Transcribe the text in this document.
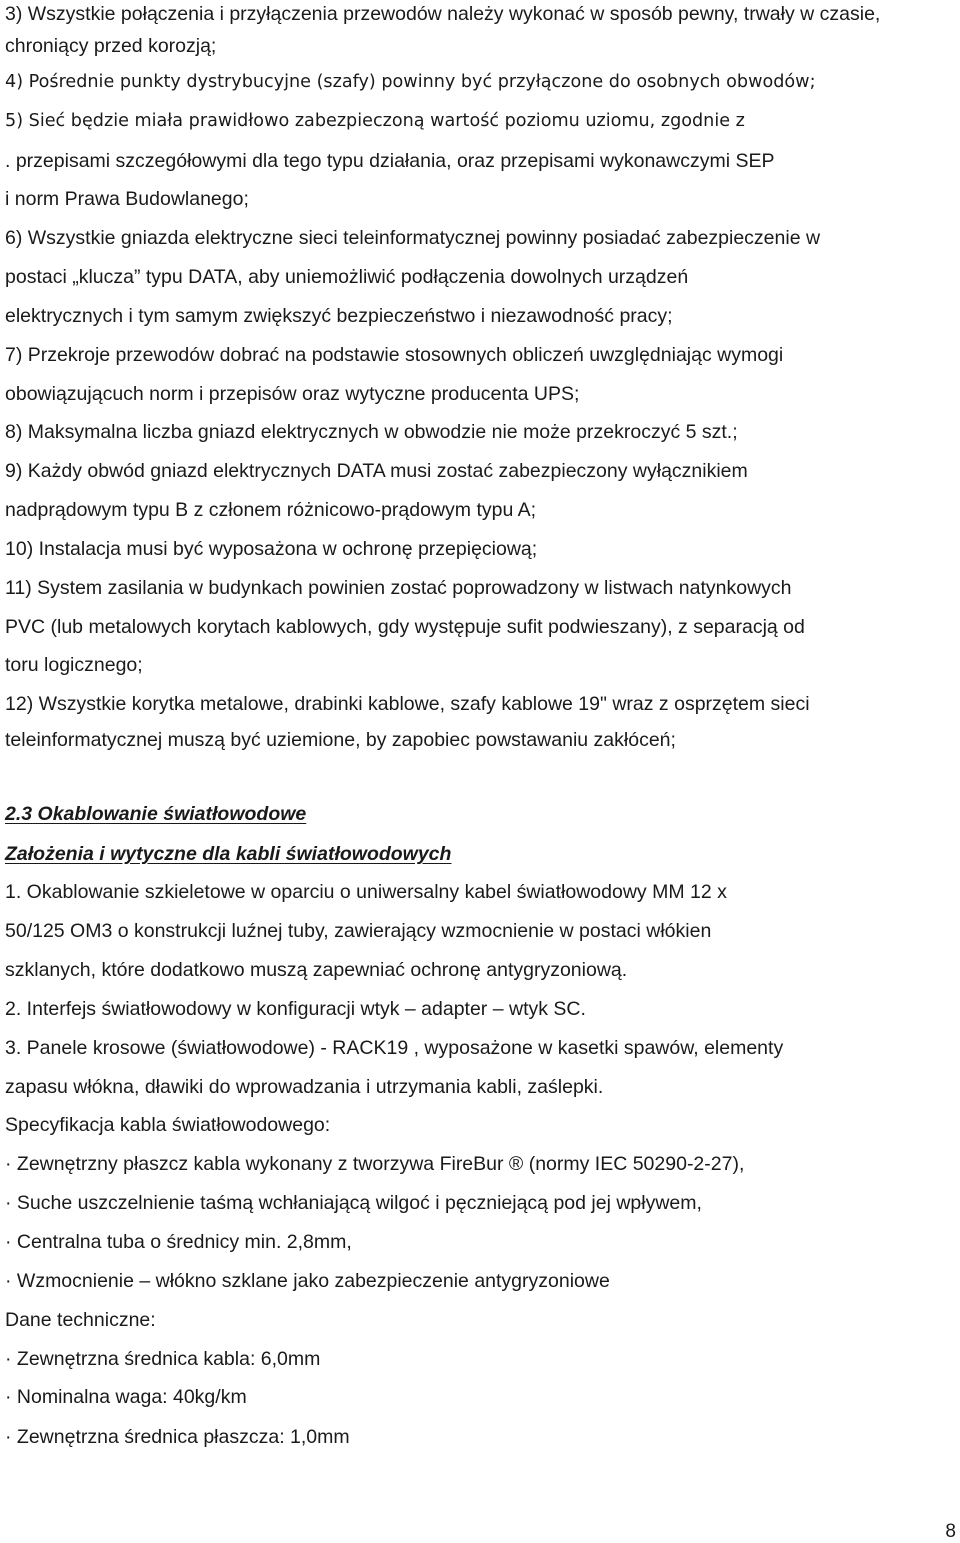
3) Wszystkie połączenia i przyłączenia przewodów należy wykonać w sposób pewny, trwały w czasie,
chroniący przed korozją;
4) Pośrednie punkty dystrybucyjne (szafy) powinny być przyłączone do osobnych obwodów;
5) Sieć będzie miała prawidłowo zabezpieczoną wartość poziomu uziomu, zgodnie z
. przepisami szczegółowymi dla tego typu działania, oraz przepisami wykonawczymi SEP
i norm Prawa Budowlanego;
6) Wszystkie gniazda elektryczne sieci teleinformatycznej powinny posiadać zabezpieczenie w
postaci „klucza” typu DATA, aby uniemożliwić podłączenia dowolnych urządzeń
elektrycznych i tym samym zwiększyć bezpieczeństwo i niezawodność pracy;
7) Przekroje przewodów dobrać na podstawie stosownych obliczeń uwzględniając wymogi
obowiązującuch norm i przepisów oraz wytyczne producenta UPS;
8) Maksymalna liczba gniazd elektrycznych w obwodzie nie może przekroczyć 5 szt.;
9) Każdy obwód gniazd elektrycznych DATA musi zostać zabezpieczony wyłącznikiem
nadprądowym typu B z członem różnicowo-prądowym typu A;
10) Instalacja musi być wyposażona w ochronę przepięciową;
11) System zasilania w budynkach powinien zostać poprowadzony w listwach natynkowych
PVC (lub metalowych korytach kablowych, gdy występuje sufit podwieszany), z separacją od
toru logicznego;
12) Wszystkie korytka metalowe, drabinki kablowe, szafy kablowe 19" wraz z osprzętem sieci
teleinformatycznej muszą być uziemione, by zapobiec powstawaniu zakłóceń;
2.3 Okablowanie światłowodowe
Założenia i wytyczne dla kabli światłowodowych
1. Okablowanie szkieletowe w oparciu o uniwersalny kabel światłowodowy MM 12 x
50/125 OM3 o konstrukcji luźnej tuby, zawierający wzmocnienie w postaci włókien
szklanych, które dodatkowo muszą zapewniać ochronę antygryzoniową.
2. Interfejs światłowodowy w konfiguracji wtyk – adapter – wtyk SC.
3. Panele krosowe (światłowodowe) - RACK19 , wyposażone w kasetki spawów, elementy
zapasu włókna, dławiki do wprowadzania i utrzymania kabli, zaślepki.
Specyfikacja kabla światłowodowego:
· Zewnętrzny płaszcz kabla wykonany z tworzywa FireBur ® (normy IEC 50290-2-27),
· Suche uszczelnienie taśmą wchłaniającą wilgoć i pęczniejącą pod jej wpływem,
· Centralna tuba o średnicy min. 2,8mm,
· Wzmocnienie – włókno szklane jako zabezpieczenie antygryzoniowe
Dane techniczne:
· Zewnętrzna średnica kabla: 6,0mm
· Nominalna waga: 40kg/km
· Zewnętrzna średnica płaszcza: 1,0mm
8
